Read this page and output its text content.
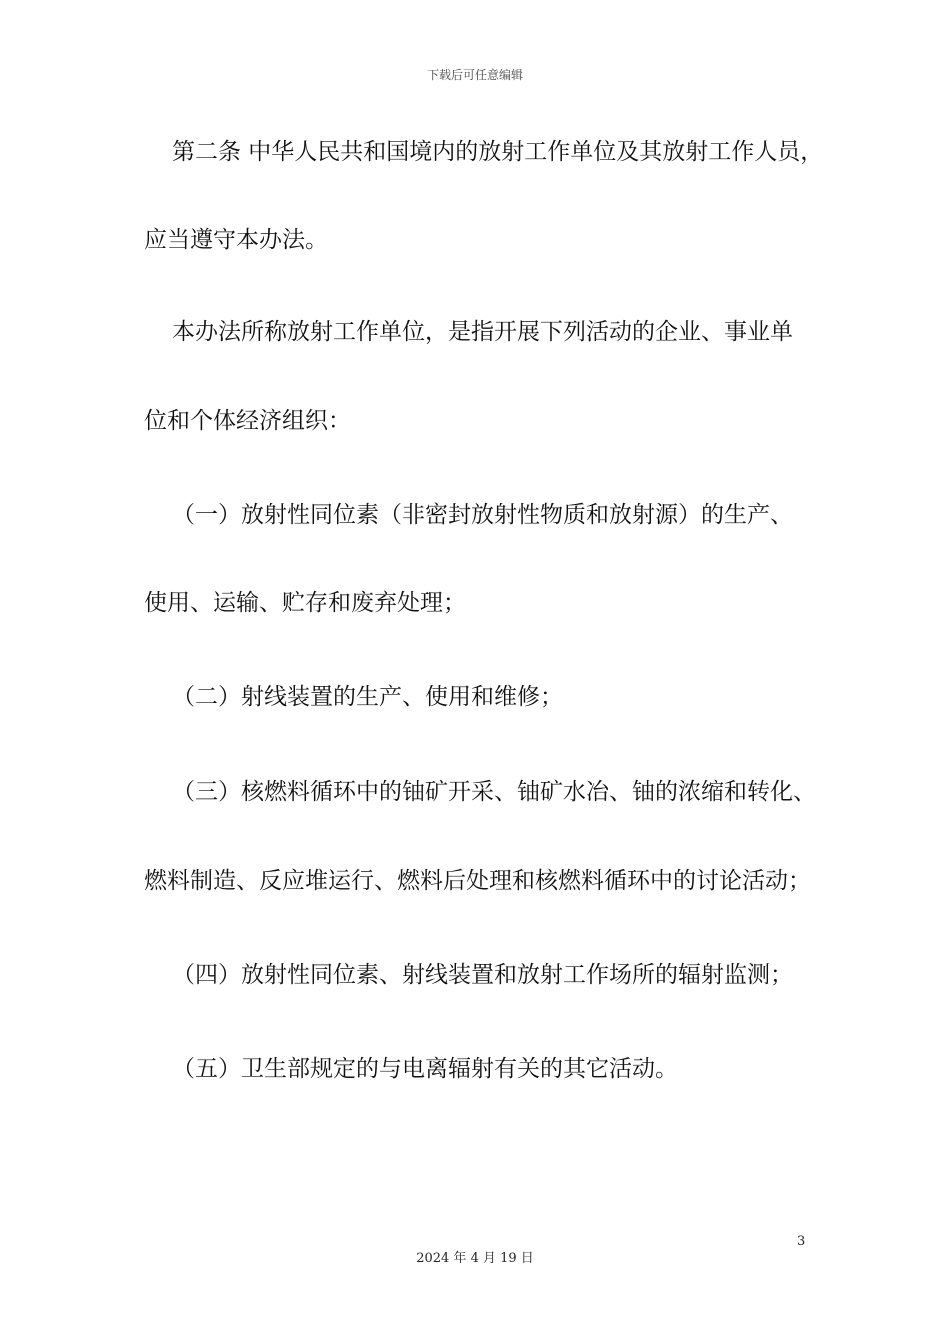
下载后可任意编辑
第二条 中华人民共和国境内的放射工作单位及其放射工作人员，
应当遵守本办法。
本办法所称放射工作单位，是指开展下列活动的企业、事业单
位和个体经济组织：
（一）放射性同位素（非密封放射性物质和放射源）的生产、
使用、运输、贮存和废弃处理；
（二）射线装置的生产、使用和维修；
（三）核燃料循环中的铀矿开采、铀矿水冶、铀的浓缩和转化、
燃料制造、反应堆运行、燃料后处理和核燃料循环中的讨论活动；
（四）放射性同位素、射线装置和放射工作场所的辐射监测；
（五）卫生部规定的与电离辐射有关的其它活动。
3
2024 年 4 月 19 日
